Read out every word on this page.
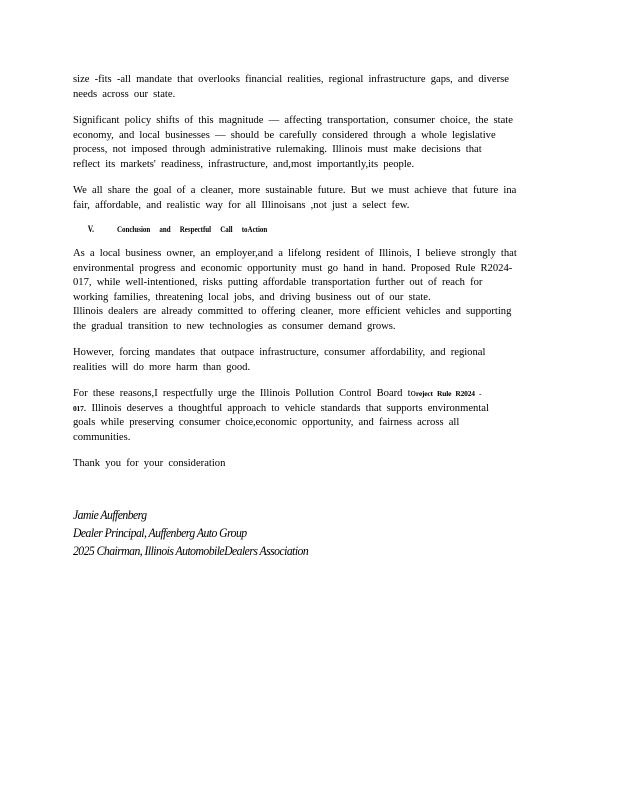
size -fits -all mandate that overlooks financial realities, regional infrastructure gaps, and diverse
needs across our state.

Significant policy shifts of this magnitude — affecting transportation, consumer choice, the state
economy, and local businesses — should be carefully considered through a whole legislative
process, not imposed through administrative rulemaking. Illinois must make decisions that
reflect its markets' readiness, infrastructure, and,most importantly,its people.

We all share the goal of a cleaner, more sustainable future. But we must achieve that future ina
fair, affordable, and realistic way for all Illinoisans ,not just a select few.

V.	Conclusion and Respectful Call toAction

As a local business owner, an employer,and a lifelong resident of Illinois, I believe strongly that
environmental progress and economic opportunity must go hand in hand. Proposed Rule R2024-
017, while well-intentioned, risks putting affordable transportation further out of reach for
working families, threatening local jobs, and driving business out of our state.
Illinois dealers are already committed to offering cleaner, more efficient vehicles and supporting
the gradual transition to new technologies as consumer demand grows.

However, forcing mandates that outpace infrastructure, consumer affordability, and regional
realities will do more harm than good.

For these reasons,I respectfully urge the Illinois Pollution Control Board toreject Rule R2024 -
017. Illinois deserves a thoughtful approach to vehicle standards that supports environmental
goals while preserving consumer choice,economic opportunity, and fairness across all
communities.

Thank you for your consideration

Jamie Auffenberg
Dealer Principal, Auffenberg Auto Group
2025 Chairman, Illinois AutomobileDealers Association
